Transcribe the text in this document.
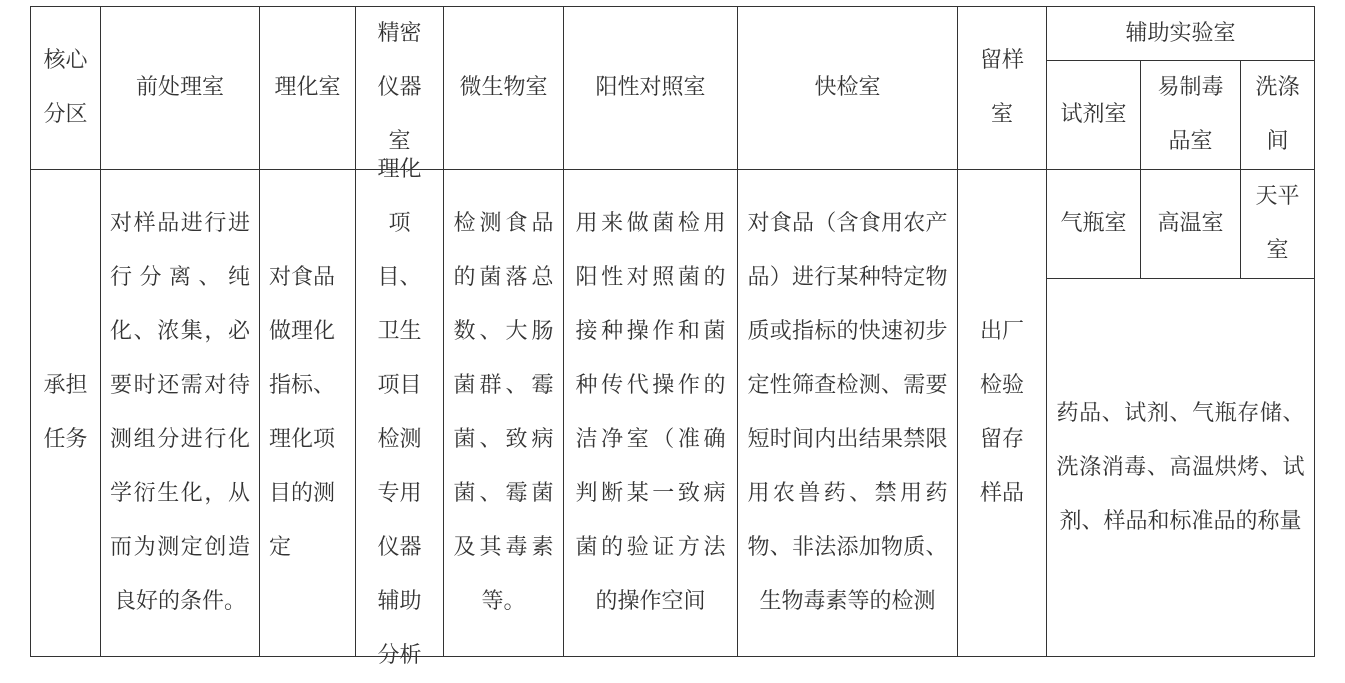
核心分区
前处理室 理化室
精密仪器室
微生物室 阳性对照室	快检室
留样室
辅助实验室
试剂室
易制毒品室
洗涤间
承担任务
对样品进行进行分离、纯化、浓集，必要时还需对待测组分进行化学衍生化，从而为测定创造良好的条件。
对食品做理化指标、理化项目的测定
理化项目、卫生项目检测专用仪器辅助分析
检测食品的菌落总数、大肠菌群、霉菌、致病菌、霉菌及其毒素等。
用来做菌检用阳性对照菌的接种操作和菌种传代操作的洁净室（准确判断某一致病菌的验证方法的操作空间
对食品（含食用农产品）进行某种特定物质或指标的快速初步定性筛查检测、需要短时间内出结果禁限用农兽药、禁用药物、非法添加物质、生物毒素等的检测
出厂检验留存样品
气瓶室 高温室
天平室
药品、试剂、气瓶存储、洗涤消毒、高温烘烤、试剂、样品和标准品的称量
